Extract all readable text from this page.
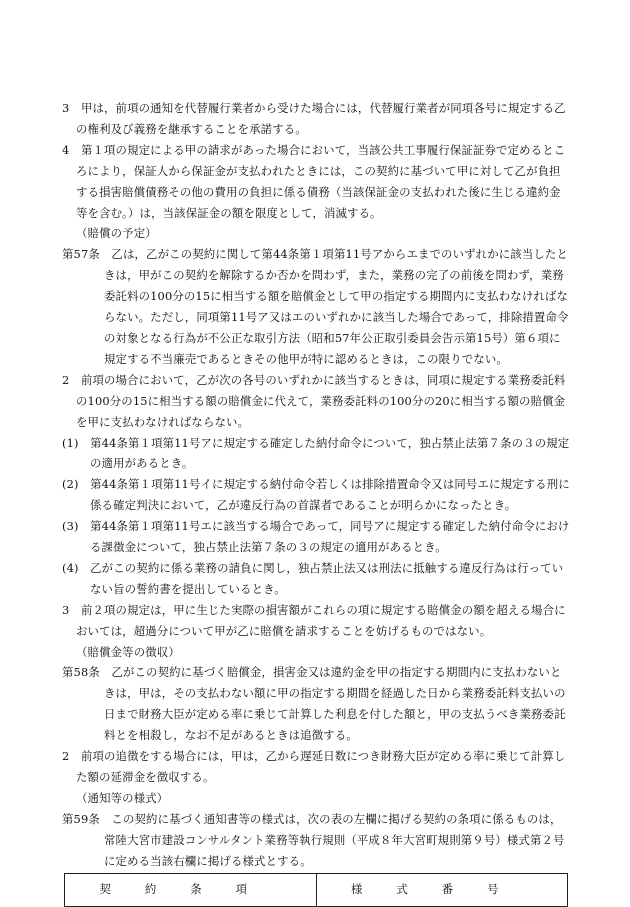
3　甲は，前項の通知を代替履行業者から受けた場合には，代替履行業者が同項各号に規定する乙の権利及び義務を継承することを承諾する。

4　第１項の規定による甲の請求があった場合において，当該公共工事履行保証証券で定めるところにより，保証人から保証金が支払われたときには，この契約に基づいて甲に対して乙が負担する損害賠償債務その他の費用の負担に係る債務（当該保証金の支払われた後に生じる違約金等を含む。）は，当該保証金の額を限度として，消滅する。

（賠償の予定）

第57条　乙は，乙がこの契約に関して第44条第１項第11号アからエまでのいずれかに該当したときは，甲がこの契約を解除するか否かを問わず，また，業務の完了の前後を問わず，業務委託料の100分の15に相当する額を賠償金として甲の指定する期間内に支払わなければならない。ただし，同項第11号ア又はエのいずれかに該当した場合であって，排除措置命令の対象となる行為が不公正な取引方法（昭和57年公正取引委員会告示第15号）第６項に規定する不当廉売であるときその他甲が特に認めるときは，この限りでない。

2　前項の場合において，乙が次の各号のいずれかに該当するときは，同項に規定する業務委託料の100分の15に相当する額の賠償金に代えて，業務委託料の100分の20に相当する額の賠償金を甲に支払わなければならない。

(1)　第44条第１項第11号アに規定する確定した納付命令について，独占禁止法第７条の３の規定の適用があるとき。

(2)　第44条第１項第11号イに規定する納付命令若しくは排除措置命令又は同号エに規定する刑に係る確定判決において，乙が違反行為の首謀者であることが明らかになったとき。

(3)　第44条第１項第11号エに該当する場合であって，同号アに規定する確定した納付命令における課徴金について，独占禁止法第７条の３の規定の適用があるとき。

(4)　乙がこの契約に係る業務の請負に関し，独占禁止法又は刑法に抵触する違反行為は行っていない旨の誓約書を提出しているとき。

3　前２項の規定は，甲に生じた実際の損害額がこれらの項に規定する賠償金の額を超える場合においては，超過分について甲が乙に賠償を請求することを妨げるものではない。

（賠償金等の徴収）

第58条　乙がこの契約に基づく賠償金，損害金又は違約金を甲の指定する期間内に支払わないときは，甲は，その支払わない額に甲の指定する期間を経過した日から業務委託料支払いの日まで財務大臣が定める率に乗じて計算した利息を付した額と，甲の支払うべき業務委託料とを相殺し，なお不足があるときは追徴する。

2　前項の追徴をする場合には，甲は，乙から遅延日数につき財務大臣が定める率に乗じて計算した額の延滞金を徴収する。

（通知等の様式）

第59条　この契約に基づく通知書等の様式は，次の表の左欄に掲げる契約の条項に係るものは，常陸大宮市建設コンサルタント業務等執行規則（平成８年大宮町規則第９号）様式第２号に定める当該右欄に掲げる様式とする。

契約条項	様式番号
